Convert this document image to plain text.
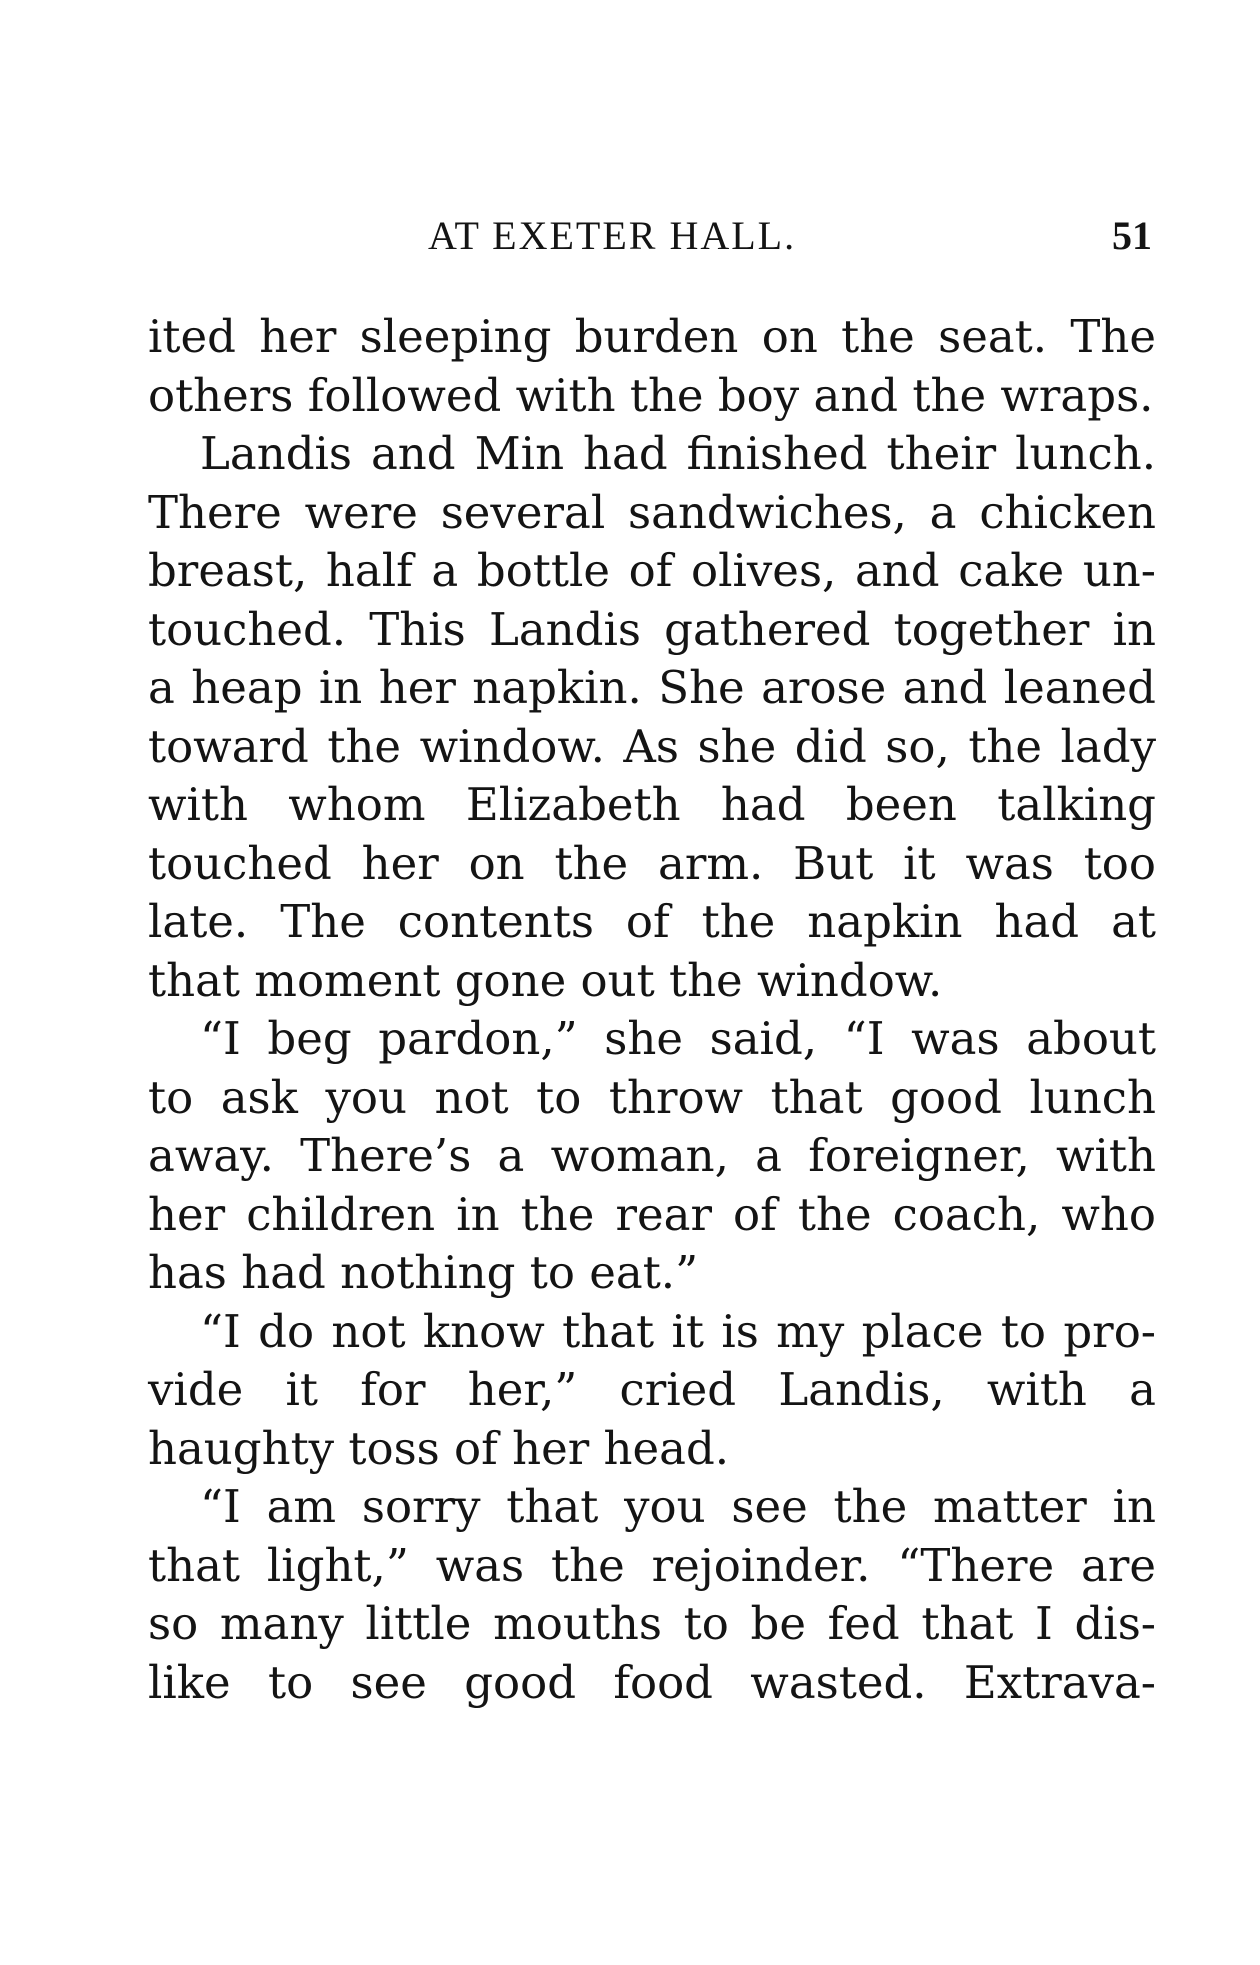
AT EXETER HALL.	51
ited her sleeping burden on the seat. The
others followed with the boy and the wraps.
Landis and Min had finished their lunch.
There were several sandwiches, a chicken
breast, half a bottle of olives, and cake un-
touched. This Landis gathered together in
a heap in her napkin. She arose and leaned
toward the window. As she did so, the lady
with whom Elizabeth had been talking
touched her on the arm. But it was too
late. The contents of the napkin had at
that moment gone out the window.
“I beg pardon,” she said, “I was about
to ask you not to throw that good lunch
away. There’s a woman, a foreigner, with
her children in the rear of the coach, who
has had nothing to eat.”
“I do not know that it is my place to pro-
vide it for her,” cried Landis, with a
haughty toss of her head.
“I am sorry that you see the matter in
that light,” was the rejoinder. “There are
so many little mouths to be fed that I dis-
like to see good food wasted. Extrava-
